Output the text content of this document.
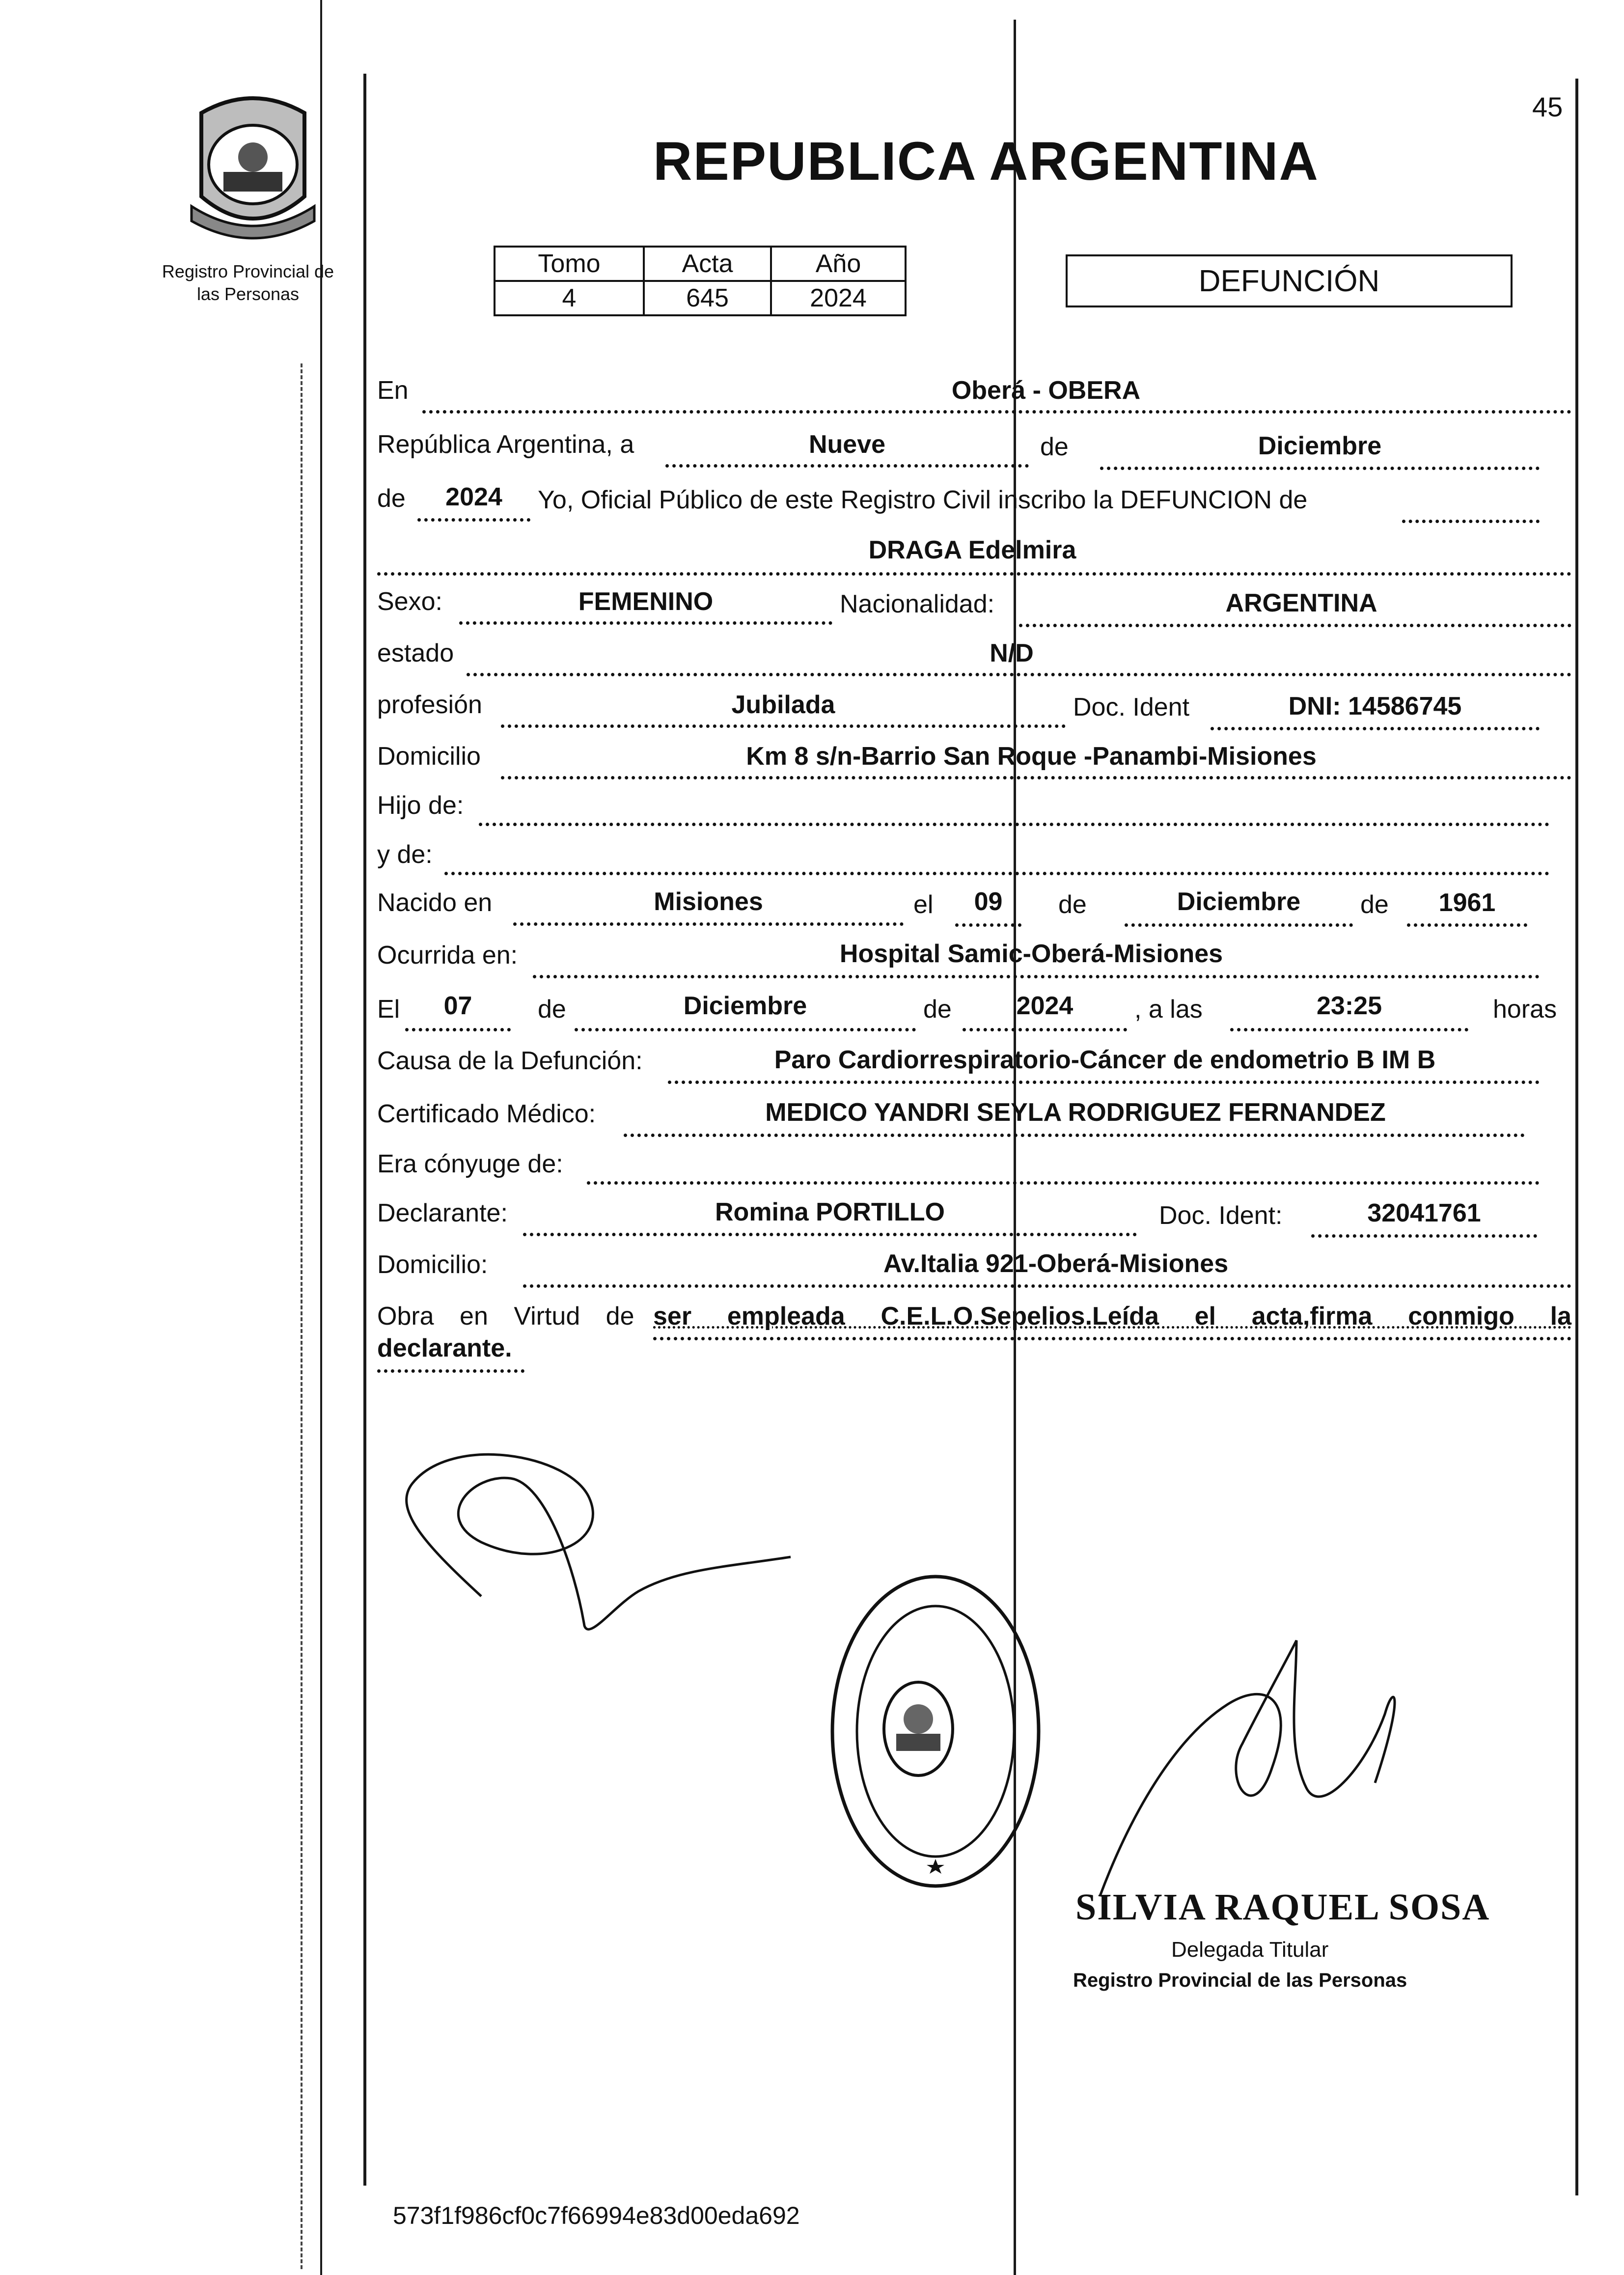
Registro Provincial de
las Personas
REPUBLICA ARGENTINA
45
Tomo	Acta	Año
4	645	2024
DEFUNCIÓN
En	Oberá - OBERA
República Argentina, a	Nueve	de	Diciembre
de	2024	Yo, Oficial Público de este Registro Civil inscribo la DEFUNCION de
DRAGA Edelmira
Sexo:	FEMENINO	Nacionalidad:	ARGENTINA
estado	N/D
profesión	Jubilada	Doc. Ident	DNI: 14586745
Domicilio	Km 8 s/n-Barrio San Roque -Panambi-Misiones
Hijo de:
y de:
Nacido en	Misiones	el	09	de	Diciembre	de	1961
Ocurrida en:	Hospital Samic-Oberá-Misiones
El	07	de	Diciembre	de	2024	, a las	23:25	horas
Causa de la Defunción:	Paro Cardiorrespiratorio-Cáncer de endometrio B IM B
Certificado Médico:	MEDICO YANDRI SEYLA RODRIGUEZ FERNANDEZ
Era cónyuge de:
Declarante:	Romina PORTILLO	Doc. Ident:	32041761
Domicilio:	Av.Italia 921-Oberá-Misiones
Obra en Virtud de ser empleada C.E.L.O.Sepelios.Leída el acta,firma conmigo la
declarante.
SILVIA RAQUEL SOSA
Delegada Titular
Registro Provincial de las Personas
573f1f986cf0c7f66994e83d00eda692
